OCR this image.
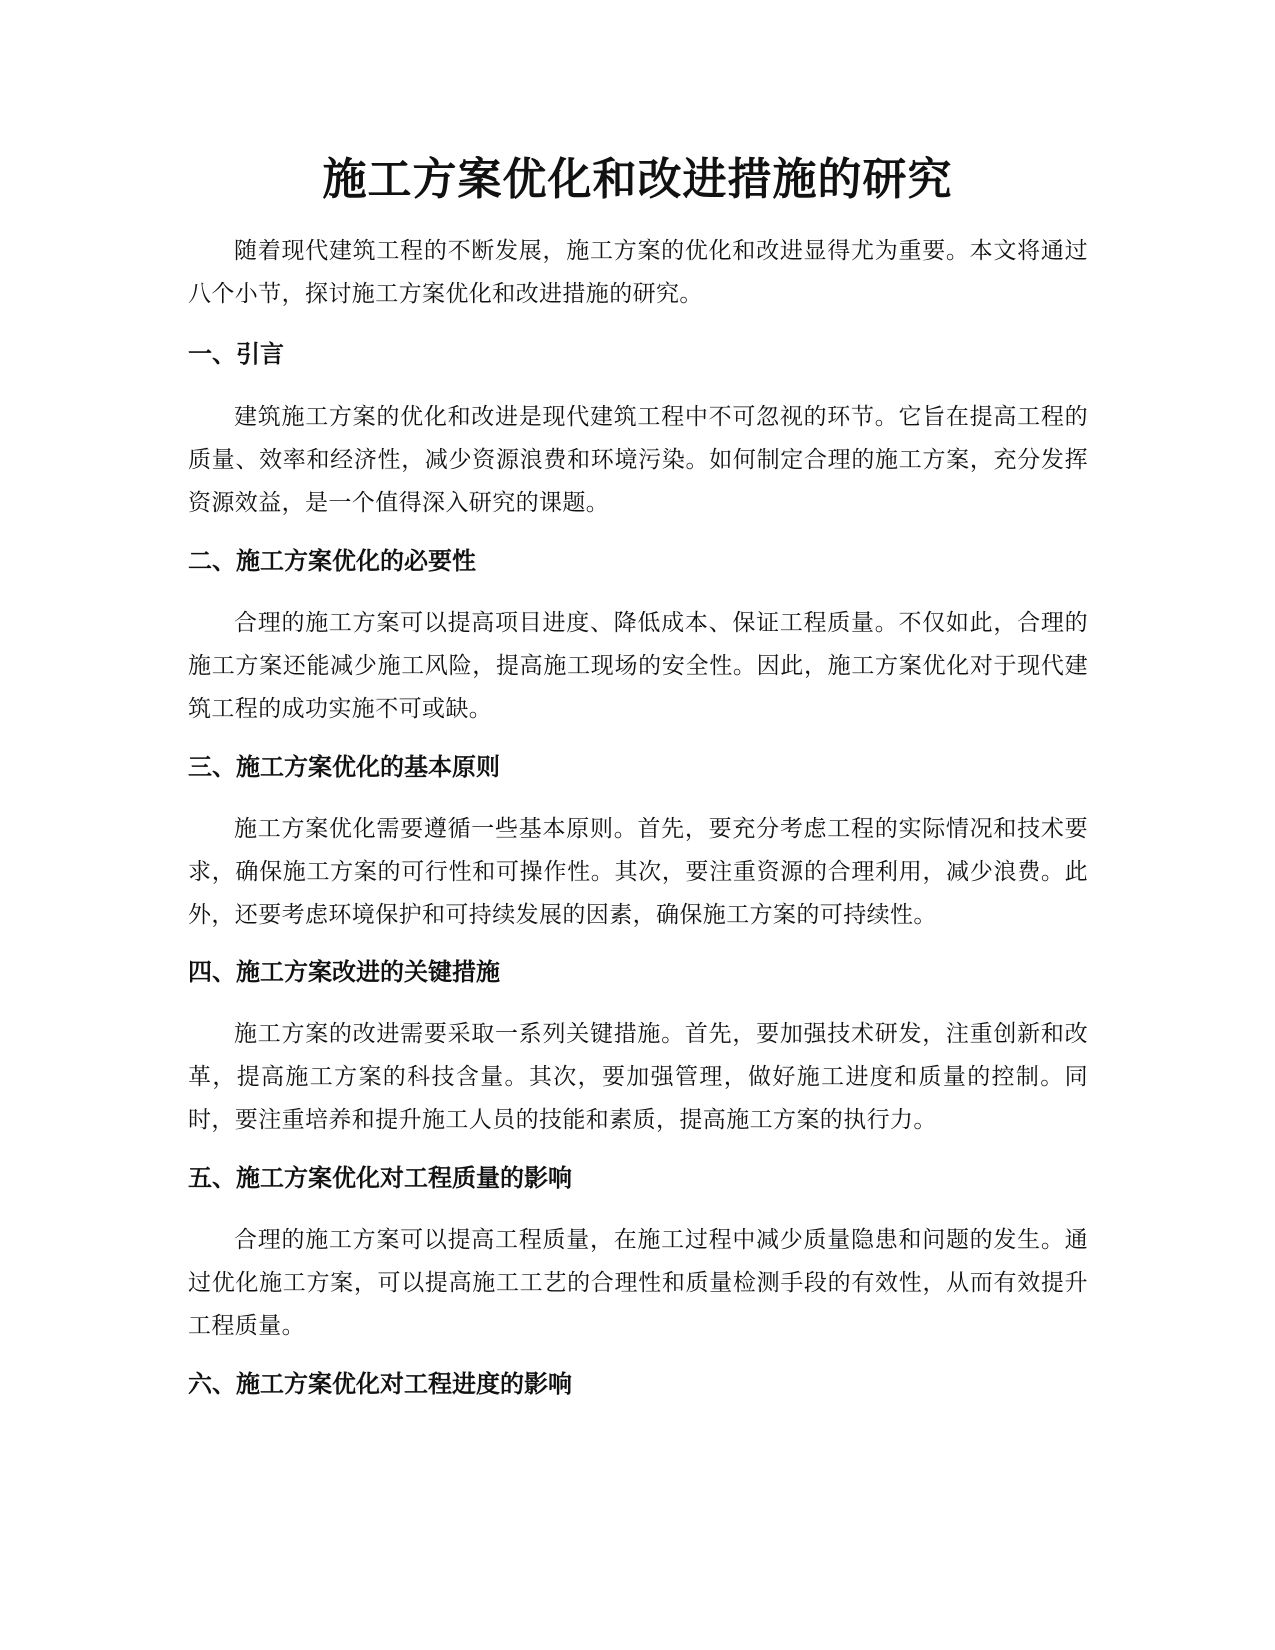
施工方案优化和改进措施的研究

随着现代建筑工程的不断发展，施工方案的优化和改进显得尤为重要。本文将通过八个小节，探讨施工方案优化和改进措施的研究。

一、引言

建筑施工方案的优化和改进是现代建筑工程中不可忽视的环节。它旨在提高工程的质量、效率和经济性，减少资源浪费和环境污染。如何制定合理的施工方案，充分发挥资源效益，是一个值得深入研究的课题。

二、施工方案优化的必要性

合理的施工方案可以提高项目进度、降低成本、保证工程质量。不仅如此，合理的施工方案还能减少施工风险，提高施工现场的安全性。因此，施工方案优化对于现代建筑工程的成功实施不可或缺。

三、施工方案优化的基本原则

施工方案优化需要遵循一些基本原则。首先，要充分考虑工程的实际情况和技术要求，确保施工方案的可行性和可操作性。其次，要注重资源的合理利用，减少浪费。此外，还要考虑环境保护和可持续发展的因素，确保施工方案的可持续性。

四、施工方案改进的关键措施

施工方案的改进需要采取一系列关键措施。首先，要加强技术研发，注重创新和改革，提高施工方案的科技含量。其次，要加强管理，做好施工进度和质量的控制。同时，要注重培养和提升施工人员的技能和素质，提高施工方案的执行力。

五、施工方案优化对工程质量的影响

合理的施工方案可以提高工程质量，在施工过程中减少质量隐患和问题的发生。通过优化施工方案，可以提高施工工艺的合理性和质量检测手段的有效性，从而有效提升工程质量。

六、施工方案优化对工程进度的影响
